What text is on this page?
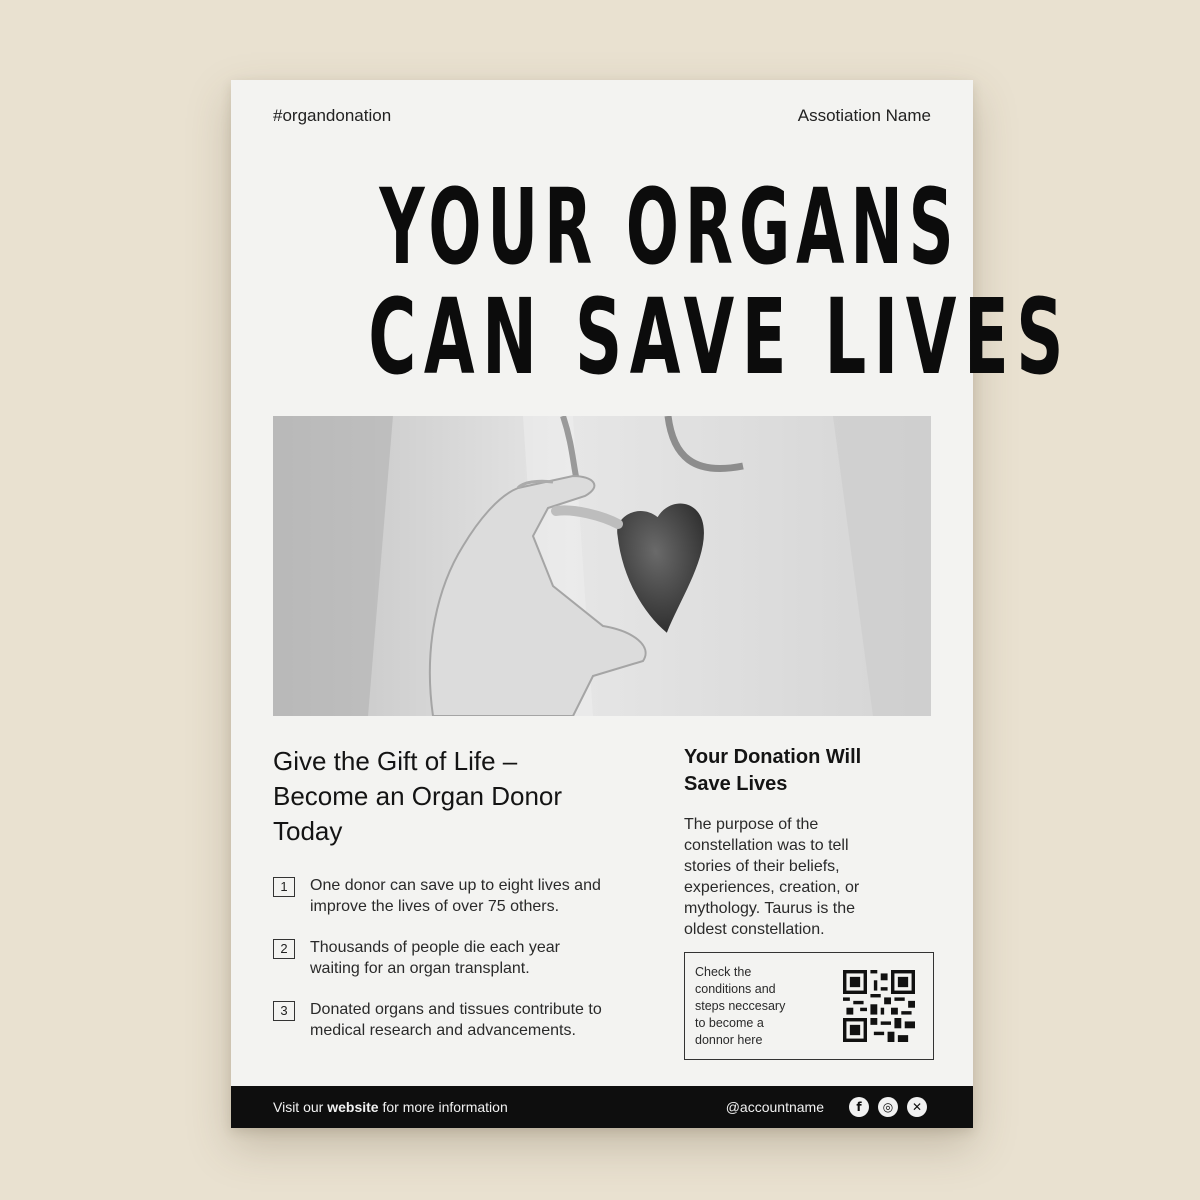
#organdonation	Assotiation Name
YOUR ORGANS
CAN SAVE LIVES
Give the Gift of Life –
Become an Organ Donor
Today
1	One donor can save up to eight lives and
improve the lives of over 75 others.
2	Thousands of people die each year
waiting for an organ transplant.
3	Donated organs and tissues contribute to
medical research and advancements.
Your Donation Will
Save Lives

The purpose of the
constellation was to tell
stories of their beliefs,
experiences, creation, or
mythology. Taurus is the
oldest constellation.

Check the
conditions and
steps neccesary
to become a
donnor here

Visit our website for more information	@accountname	f	◎	✕
